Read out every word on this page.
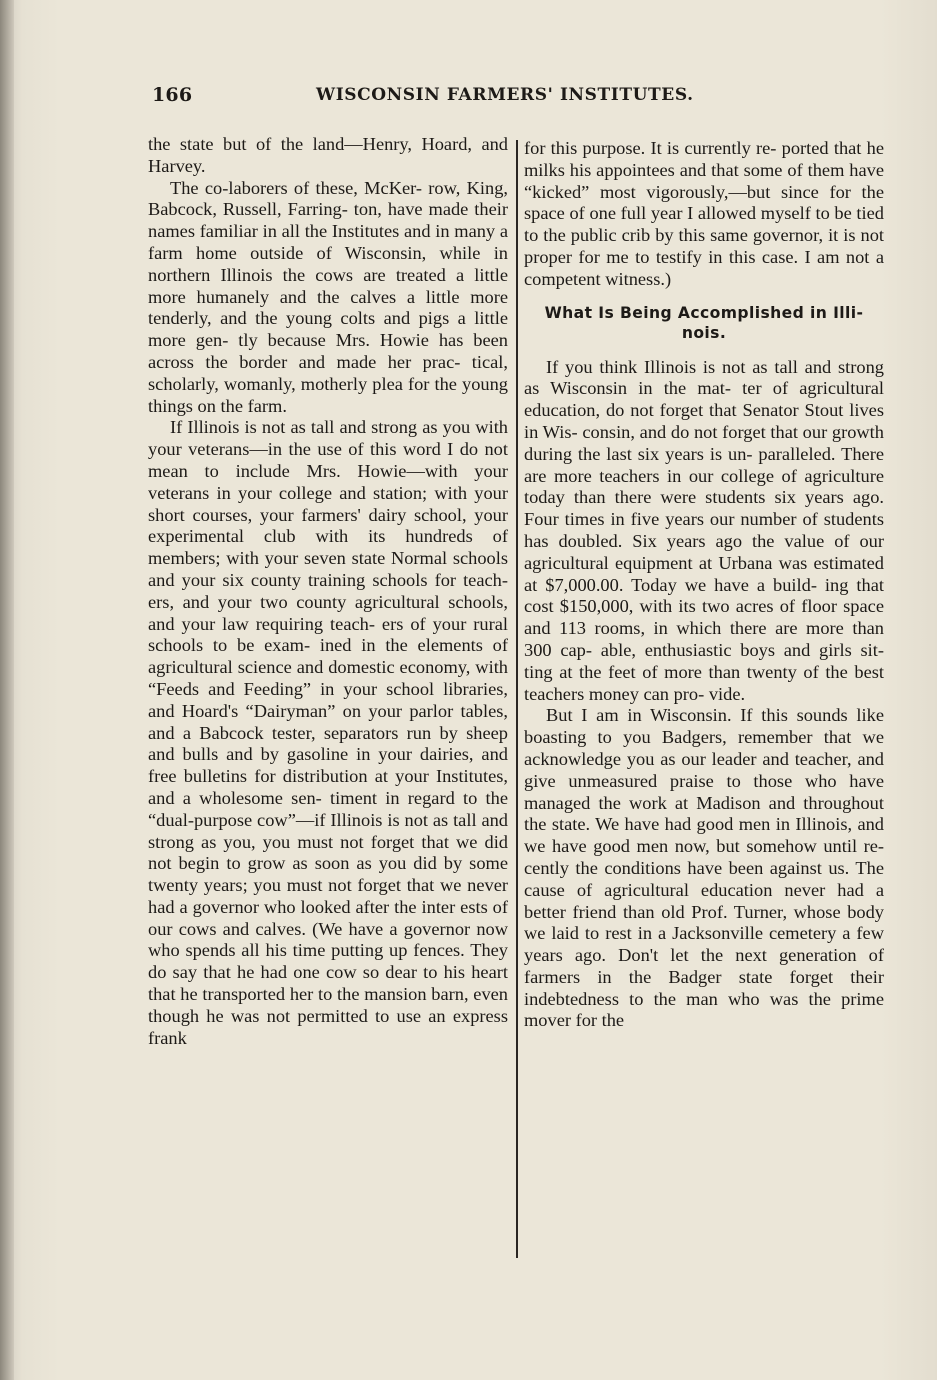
166	WISCONSIN FARMERS' INSTITUTES.

the state but of the land—Henry, Hoard, and Harvey.

The co-laborers of these, McKer- row, King, Babcock, Russell, Farring- ton, have made their names familiar in all the Institutes and in many a farm home outside of Wisconsin, while in northern Illinois the cows are treated a little more humanely and the calves a little more tenderly, and the young colts and pigs a little more gen- tly because Mrs. Howie has been across the border and made her prac- tical, scholarly, womanly, motherly plea for the young things on the farm.

If Illinois is not as tall and strong as you with your veterans—in the use of this word I do not mean to include Mrs. Howie—with your veterans in your college and station; with your short courses, your farmers' dairy school, your experimental club with its hundreds of members; with your seven state Normal schools and your six county training schools for teach- ers, and your two county agricultural schools, and your law requiring teach- ers of your rural schools to be exam- ined in the elements of agricultural science and domestic economy, with “Feeds and Feeding” in your school libraries, and Hoard's “Dairyman” on your parlor tables, and a Babcock tester, separators run by sheep and bulls and by gasoline in your dairies, and free bulletins for distribution at your Institutes, and a wholesome sen- timent in regard to the “dual-purpose cow”—if Illinois is not as tall and strong as you, you must not forget that we did not begin to grow as soon as you did by some twenty years; you must not forget that we never had a governor who looked after the inter ests of our cows and calves. (We have a governor now who spends all his time putting up fences. They do say that he had one cow so dear to his heart that he transported her to the mansion barn, even though he was not permitted to use an express frank

for this purpose. It is currently re- ported that he milks his appointees and that some of them have “kicked” most vigorously,—but since for the space of one full year I allowed myself to be tied to the public crib by this same governor, it is not proper for me to testify in this case. I am not a competent witness.)

What Is Being Accomplished in Illi- nois.

If you think Illinois is not as tall and strong as Wisconsin in the mat- ter of agricultural education, do not forget that Senator Stout lives in Wis- consin, and do not forget that our growth during the last six years is un- paralleled. There are more teachers in our college of agriculture today than there were students six years ago. Four times in five years our number of students has doubled. Six years ago the value of our agricultural equipment at Urbana was estimated at $7,000.00. Today we have a build- ing that cost $150,000, with its two acres of floor space and 113 rooms, in which there are more than 300 cap- able, enthusiastic boys and girls sit- ting at the feet of more than twenty of the best teachers money can pro- vide.

But I am in Wisconsin. If this sounds like boasting to you Badgers, remember that we acknowledge you as our leader and teacher, and give unmeasured praise to those who have managed the work at Madison and throughout the state. We have had good men in Illinois, and we have good men now, but somehow until re- cently the conditions have been against us. The cause of agricultural education never had a better friend than old Prof. Turner, whose body we laid to rest in a Jacksonville cemetery a few years ago. Don't let the next generation of farmers in the Badger state forget their indebtedness to the man who was the prime mover for the
